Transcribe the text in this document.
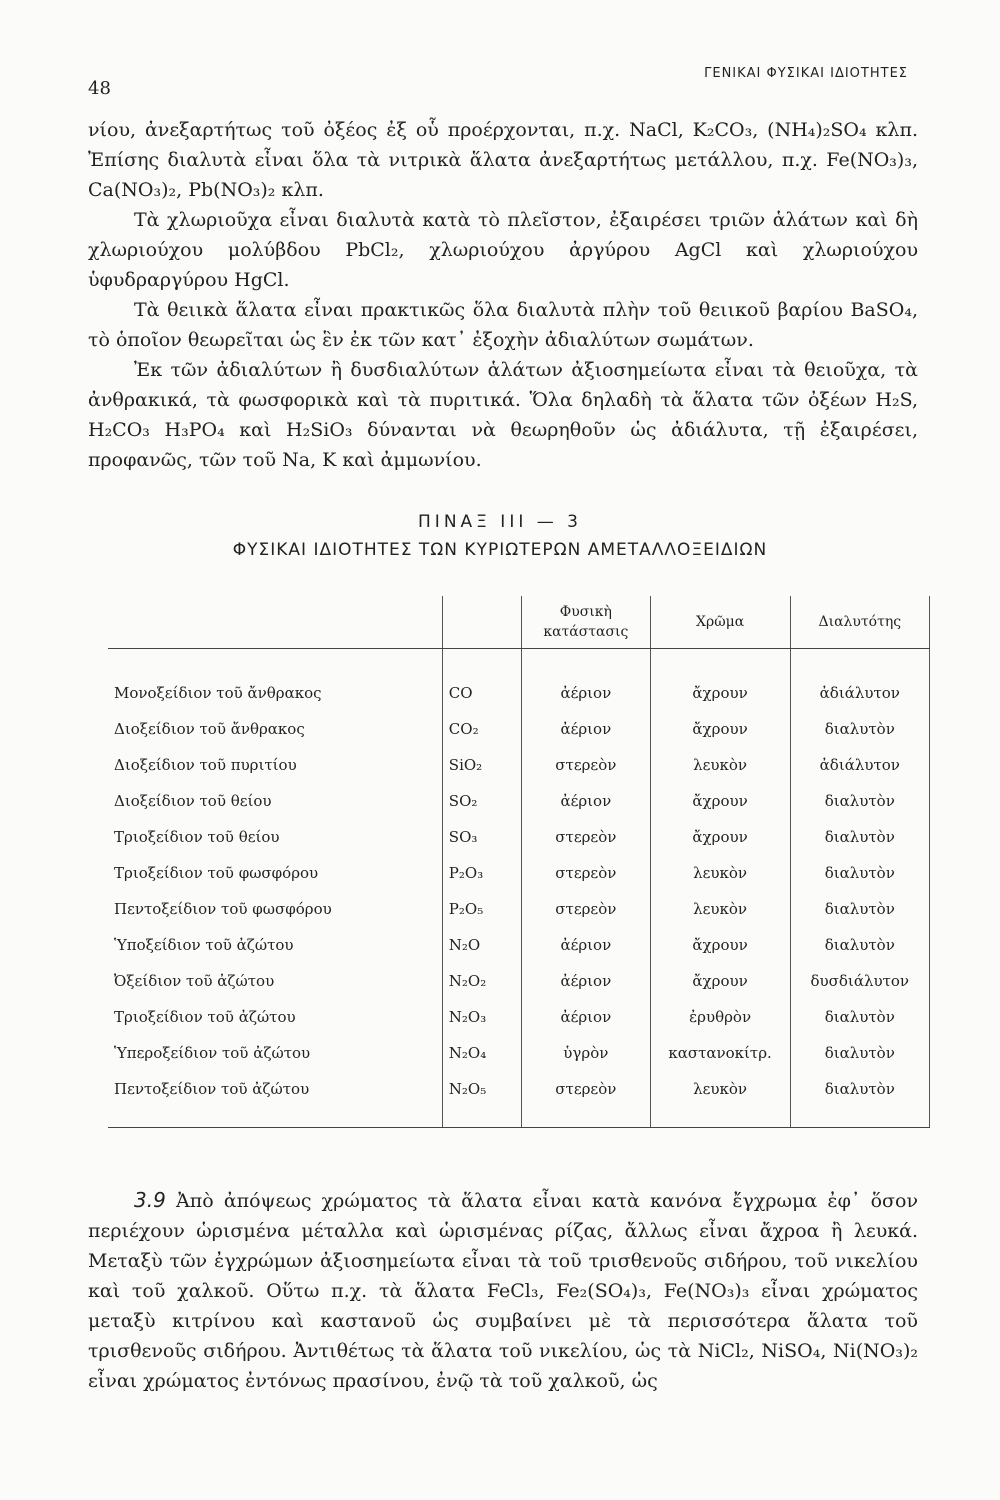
48
ΓΕΝΙΚΑΙ ΦΥΣΙΚΑΙ ΙΔΙΟΤΗΤΕΣ

νίου, ἀνεξαρτήτως τοῦ ὀξέος ἐξ οὗ προέρχονται, π.χ. NaCl, K₂CO₃, (NH₄)₂SO₄ κλπ. Ἐπίσης διαλυτὰ εἶναι ὅλα τὰ νιτρικὰ ἅλατα ἀνεξαρτήτως μετάλλου, π.χ. Fe(NO₃)₃, Ca(NO₃)₂, Pb(NO₃)₂ κλπ.

Τὰ χλωριοῦχα εἶναι διαλυτὰ κατὰ τὸ πλεῖστον, ἐξαιρέσει τριῶν ἁλάτων καὶ δὴ χλωριούχου μολύβδου PbCl₂, χλωριούχου ἀργύρου AgCl καὶ χλωριούχου ὑφυδραργύρου HgCl.

Τὰ θειικὰ ἅλατα εἶναι πρακτικῶς ὅλα διαλυτὰ πλὴν τοῦ θειικοῦ βαρίου BaSO₄, τὸ ὁποῖον θεωρεῖται ὡς ἓν ἐκ τῶν κατ᾽ ἐξοχὴν ἀδιαλύτων σωμάτων.

Ἐκ τῶν ἀδιαλύτων ἢ δυσδιαλύτων ἁλάτων ἀξιοσημείωτα εἶναι τὰ θειοῦχα, τὰ ἀνθρακικά, τὰ φωσφορικὰ καὶ τὰ πυριτικά. Ὅλα δηλαδὴ τὰ ἅλατα τῶν ὀξέων H₂S, H₂CO₃ H₃PO₄ καὶ H₂SiO₃ δύνανται νὰ θεωρηθοῦν ὡς ἀδιάλυτα, τῇ ἐξαιρέσει, προφανῶς, τῶν τοῦ Na, K καὶ ἀμμωνίου.

ΠΙΝΑΞ III — 3
ΦΥΣΙΚΑΙ ΙΔΙΟΤΗΤΕΣ ΤΩΝ ΚΥΡΙΩΤΕΡΩΝ ΑΜΕΤΑΛΛΟΞΕΙΔΙΩΝ
		Φυσικὴ κατάστασις	Χρῶμα	Διαλυτότης

Μονοξείδιον τοῦ ἄνθρακος	CO	ἀέριον	ἄχρουν	ἀδιάλυτον
Διοξείδιον τοῦ ἄνθρακος	CO₂	ἀέριον	ἄχρουν	διαλυτὸν
Διοξείδιον τοῦ πυριτίου	SiO₂	στερεὸν	λευκὸν	ἀδιάλυτον
Διοξείδιον τοῦ θείου	SO₂	ἀέριον	ἄχρουν	διαλυτὸν
Τριοξείδιον τοῦ θείου	SO₃	στερεὸν	ἄχρουν	διαλυτὸν
Τριοξείδιον τοῦ φωσφόρου	P₂O₃	στερεὸν	λευκὸν	διαλυτὸν
Πεντοξείδιον τοῦ φωσφόρου	P₂O₅	στερεὸν	λευκὸν	διαλυτὸν
Ὑποξείδιον τοῦ ἀζώτου	N₂O	ἀέριον	ἄχρουν	διαλυτὸν
Ὀξείδιον τοῦ ἀζώτου	N₂O₂	ἀέριον	ἄχρουν	δυσδιάλυτον
Τριοξείδιον τοῦ ἀζώτου	N₂O₃	ἀέριον	ἐρυθρὸν	διαλυτὸν
Ὑπεροξείδιον τοῦ ἀζώτου	N₂O₄	ὑγρὸν	καστανοκίτρ.	διαλυτὸν
Πεντοξείδιον τοῦ ἀζώτου	N₂O₅	στερεὸν	λευκὸν	διαλυτὸν

3.9 Ἀπὸ ἀπόψεως χρώματος τὰ ἅλατα εἶναι κατὰ κανόνα ἔγχρωμα ἐφ᾽ ὅσον περιέχουν ὡρισμένα μέταλλα καὶ ὡρισμένας ρίζας, ἄλλως εἶναι ἄχροα ἢ λευκά. Μεταξὺ τῶν ἐγχρώμων ἀξιοσημείωτα εἶναι τὰ τοῦ τρισθενοῦς σιδήρου, τοῦ νικελίου καὶ τοῦ χαλκοῦ. Οὕτω π.χ. τὰ ἅλατα FeCl₃, Fe₂(SO₄)₃, Fe(NO₃)₃ εἶναι χρώματος μεταξὺ κιτρίνου καὶ καστανοῦ ὡς συμβαίνει μὲ τὰ περισσότερα ἅλατα τοῦ τρισθενοῦς σιδήρου. Ἀντιθέτως τὰ ἅλατα τοῦ νικελίου, ὡς τὰ NiCl₂, NiSO₄, Ni(NO₃)₂ εἶναι χρώματος ἐντόνως πρασίνου, ἐνῷ τὰ τοῦ χαλκοῦ, ὡς
